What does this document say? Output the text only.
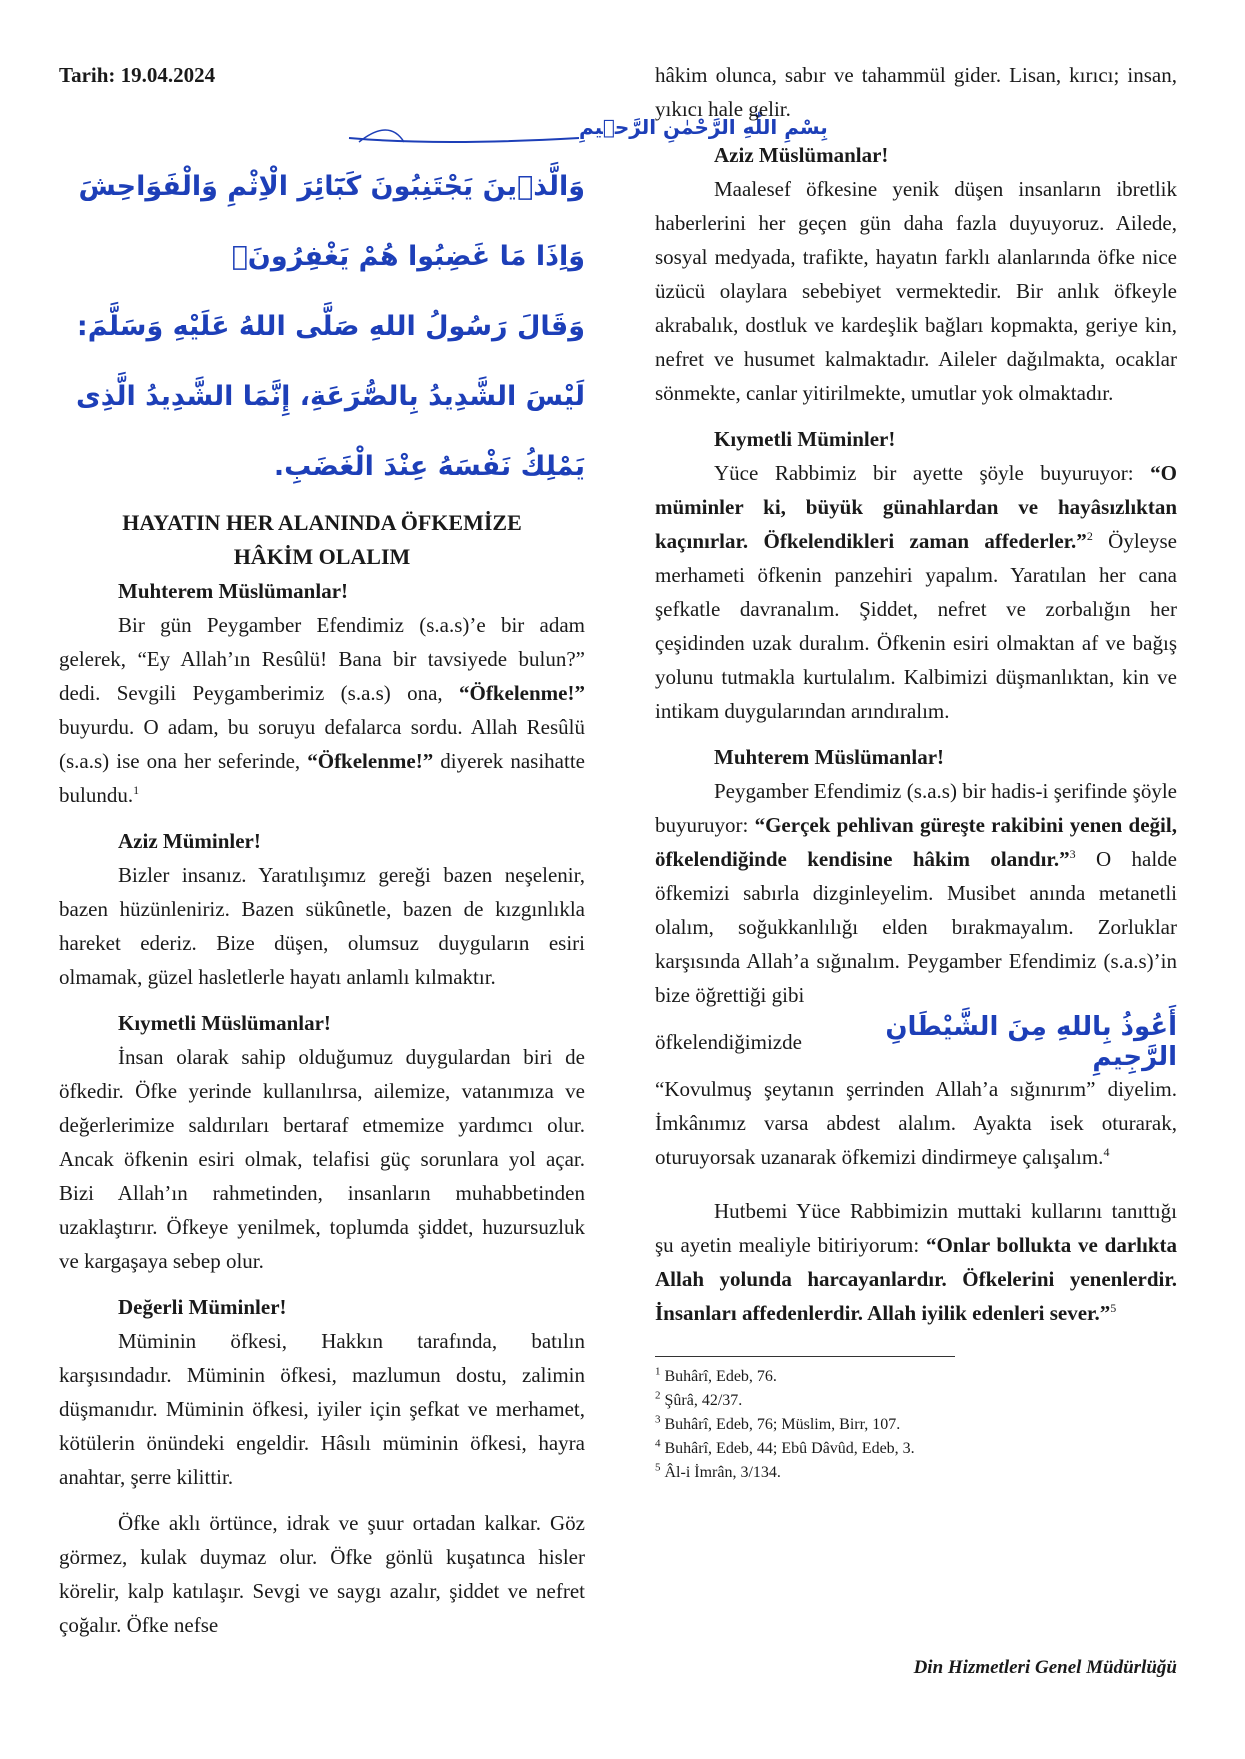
Tarih: 19.04.2024

بِسْمِ اللّٰهِ الرَّحْمٰنِ الرَّح۪يمِ

وَالَّذ۪ينَ يَجْتَنِبُونَ كَبَٓائِرَ الْاِثْمِ وَالْفَوَاحِشَ وَاِذَا مَا غَضِبُوا هُمْ يَغْفِرُونَۚ

وَقَالَ رَسُولُ اللهِ صَلَّى اللهُ عَلَيْهِ وَسَلَّمَ:

لَيْسَ الشَّدِيدُ بِالصُّرَعَةِ، إِنَّمَا الشَّدِيدُ الَّذِى يَمْلِكُ نَفْسَهُ عِنْدَ الْغَضَبِ.

HAYATIN HER ALANINDA ÖFKEMİZE

HÂKİM OLALIM

Muhterem Müslümanlar!

Bir gün Peygamber Efendimiz (s.a.s)’e bir adam gelerek, “Ey Allah’ın Resûlü! Bana bir tavsiyede bulun?” dedi. Sevgili Peygamberimiz (s.a.s) ona, “Öfkelenme!” buyurdu. O adam, bu soruyu defalarca sordu. Allah Resûlü (s.a.s) ise ona her seferinde, “Öfkelenme!” diyerek nasihatte bulundu.$^1$

Aziz Müminler!

Bizler insanız. Yaratılışımız gereği bazen neşelenir, bazen hüzünleniriz. Bazen sükûnetle, bazen de kızgınlıkla hareket ederiz. Bize düşen, olumsuz duyguların esiri olmamak, güzel hasletlerle hayatı anlamlı kılmaktır.

Kıymetli Müslümanlar!

İnsan olarak sahip olduğumuz duygulardan biri de öfkedir. Öfke yerinde kullanılırsa, ailemize, vatanımıza ve değerlerimize saldırıları bertaraf etmemize yardımcı olur. Ancak öfkenin esiri olmak, telafisi güç sorunlara yol açar. Bizi Allah’ın rahmetinden, insanların muhabbetinden uzaklaştırır. Öfkeye yenilmek, toplumda şiddet, huzursuzluk ve kargaşaya sebep olur.

Değerli Müminler!

Müminin öfkesi, Hakkın tarafında, batılın karşısındadır. Müminin öfkesi, mazlumun dostu, zalimin düşmanıdır. Müminin öfkesi, iyiler için şefkat ve merhamet, kötülerin önündeki engeldir. Hâsılı müminin öfkesi, hayra anahtar, şerre kilittir.

Öfke aklı örtünce, idrak ve şuur ortadan kalkar. Göz görmez, kulak duymaz olur. Öfke gönlü kuşatınca hisler körelir, kalp katılaşır. Sevgi ve saygı azalır, şiddet ve nefret çoğalır. Öfke nefse

hâkim olunca, sabır ve tahammül gider. Lisan, kırıcı; insan, yıkıcı hale gelir.

Aziz Müslümanlar!

Maalesef öfkesine yenik düşen insanların ibretlik haberlerini her geçen gün daha fazla duyuyoruz. Ailede, sosyal medyada, trafikte, hayatın farklı alanlarında öfke nice üzücü olaylara sebebiyet vermektedir. Bir anlık öfkeyle akrabalık, dostluk ve kardeşlik bağları kopmakta, geriye kin, nefret ve husumet kalmaktadır. Aileler dağılmakta, ocaklar sönmekte, canlar yitirilmekte, umutlar yok olmaktadır.

Kıymetli Müminler!

Yüce Rabbimiz bir ayette şöyle buyuruyor: “O müminler ki, büyük günahlardan ve hayâsızlıktan kaçınırlar. Öfkelendikleri zaman affederler.”$^2$ Öyleyse merhameti öfkenin panzehiri yapalım. Yaratılan her cana şefkatle davranalım. Şiddet, nefret ve zorbalığın her çeşidinden uzak duralım. Öfkenin esiri olmaktan af ve bağış yolunu tutmakla kurtulalım. Kalbimizi düşmanlıktan, kin ve intikam duygularından arındıralım.

Muhterem Müslümanlar!

Peygamber Efendimiz (s.a.s) bir hadis-i şerifinde şöyle buyuruyor: “Gerçek pehlivan güreşte rakibini yenen değil, öfkelendiğinde kendisine hâkim olandır.”$^3$ O halde öfkemizi sabırla dizginleyelim. Musibet anında metanetli olalım, soğukkanlılığı elden bırakmayalım. Zorluklar karşısında Allah’a sığınalım. Peygamber Efendimiz (s.a.s)’in bize öğrettiği gibi

öfkelendiğimizde	أَعُوذُ بِاللهِ مِنَ الشَّيْطَانِ الرَّجِيمِ

“Kovulmuş şeytanın şerrinden Allah’a sığınırım” diyelim. İmkânımız varsa abdest alalım. Ayakta isek oturarak, oturuyorsak uzanarak öfkemizi dindirmeye çalışalım.$^4$

Hutbemi Yüce Rabbimizin muttaki kullarını tanıttığı şu ayetin mealiyle bitiriyorum: “Onlar bollukta ve darlıkta Allah yolunda harcayanlardır. Öfkelerini yenenlerdir. İnsanları affedenlerdir. Allah iyilik edenleri sever.”$^5$

$^1$ Buhârî, Edeb, 76.

$^2$ Şûrâ, 42/37.

$^3$ Buhârî, Edeb, 76; Müslim, Birr, 107.

$^4$ Buhârî, Edeb, 44; Ebû Dâvûd, Edeb, 3.

$^5$ Âl-i İmrân, 3/134.

Din Hizmetleri Genel Müdürlüğü
